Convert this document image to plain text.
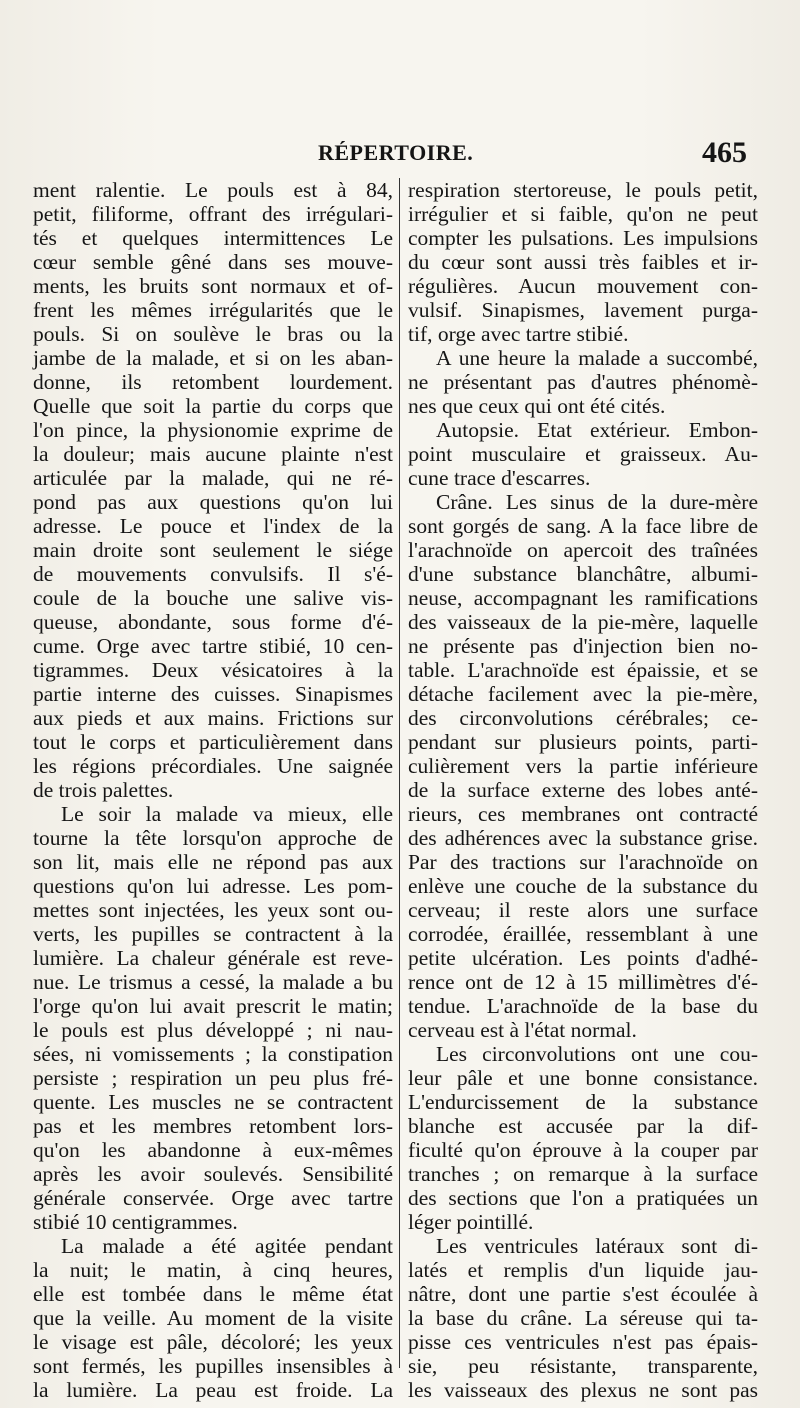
RÉPERTOIRE.	465
ment ralentie. Le pouls est à 84,
petit, filiforme, offrant des irrégulari-
tés et quelques intermittences Le
cœur semble gêné dans ses mouve-
ments, les bruits sont normaux et of-
frent les mêmes irrégularités que le
pouls. Si on soulève le bras ou la
jambe de la malade, et si on les aban-
donne, ils retombent lourdement.
Quelle que soit la partie du corps que
l'on pince, la physionomie exprime de
la douleur; mais aucune plainte n'est
articulée par la malade, qui ne ré-
pond pas aux questions qu'on lui
adresse. Le pouce et l'index de la
main droite sont seulement le siége
de mouvements convulsifs. Il s'é-
coule de la bouche une salive vis-
queuse, abondante, sous forme d'é-
cume. Orge avec tartre stibié, 10 cen-
tigrammes. Deux vésicatoires à la
partie interne des cuisses. Sinapismes
aux pieds et aux mains. Frictions sur
tout le corps et particulièrement dans
les régions précordiales. Une saignée
de trois palettes.
Le soir la malade va mieux, elle
tourne la tête lorsqu'on approche de
son lit, mais elle ne répond pas aux
questions qu'on lui adresse. Les pom-
mettes sont injectées, les yeux sont ou-
verts, les pupilles se contractent à la
lumière. La chaleur générale est reve-
nue. Le trismus a cessé, la malade a bu
l'orge qu'on lui avait prescrit le matin;
le pouls est plus développé ; ni nau-
sées, ni vomissements ; la constipation
persiste ; respiration un peu plus fré-
quente. Les muscles ne se contractent
pas et les membres retombent lors-
qu'on les abandonne à eux-mêmes
après les avoir soulevés. Sensibilité
générale conservée. Orge avec tartre
stibié 10 centigrammes.
La malade a été agitée pendant
la nuit; le matin, à cinq heures,
elle est tombée dans le même état
que la veille. Au moment de la visite
le visage est pâle, décoloré; les yeux
sont fermés, les pupilles insensibles à
la lumière. La peau est froide. La
respiration stertoreuse, le pouls petit,
irrégulier et si faible, qu'on ne peut
compter les pulsations. Les impulsions
du cœur sont aussi très faibles et ir-
régulières. Aucun mouvement con-
vulsif. Sinapismes, lavement purga-
tif, orge avec tartre stibié.
A une heure la malade a succombé,
ne présentant pas d'autres phénomè-
nes que ceux qui ont été cités.
Autopsie. Etat extérieur. Embon-
point musculaire et graisseux. Au-
cune trace d'escarres.
Crâne. Les sinus de la dure-mère
sont gorgés de sang. A la face libre de
l'arachnoïde on apercoit des traînées
d'une substance blanchâtre, albumi-
neuse, accompagnant les ramifications
des vaisseaux de la pie-mère, laquelle
ne présente pas d'injection bien no-
table. L'arachnoïde est épaissie, et se
détache facilement avec la pie-mère,
des circonvolutions cérébrales; ce-
pendant sur plusieurs points, parti-
culièrement vers la partie inférieure
de la surface externe des lobes anté-
rieurs, ces membranes ont contracté
des adhérences avec la substance grise.
Par des tractions sur l'arachnoïde on
enlève une couche de la substance du
cerveau; il reste alors une surface
corrodée, éraillée, ressemblant à une
petite ulcération. Les points d'adhé-
rence ont de 12 à 15 millimètres d'é-
tendue. L'arachnoïde de la base du
cerveau est à l'état normal.
Les circonvolutions ont une cou-
leur pâle et une bonne consistance.
L'endurcissement de la substance
blanche est accusée par la dif-
ficulté qu'on éprouve à la couper par
tranches ; on remarque à la surface
des sections que l'on a pratiquées un
léger pointillé.
Les ventricules latéraux sont di-
latés et remplis d'un liquide jau-
nâtre, dont une partie s'est écoulée à
la base du crâne. La séreuse qui ta-
pisse ces ventricules n'est pas épais-
sie, peu résistante, transparente,
les vaisseaux des plexus ne sont pas
